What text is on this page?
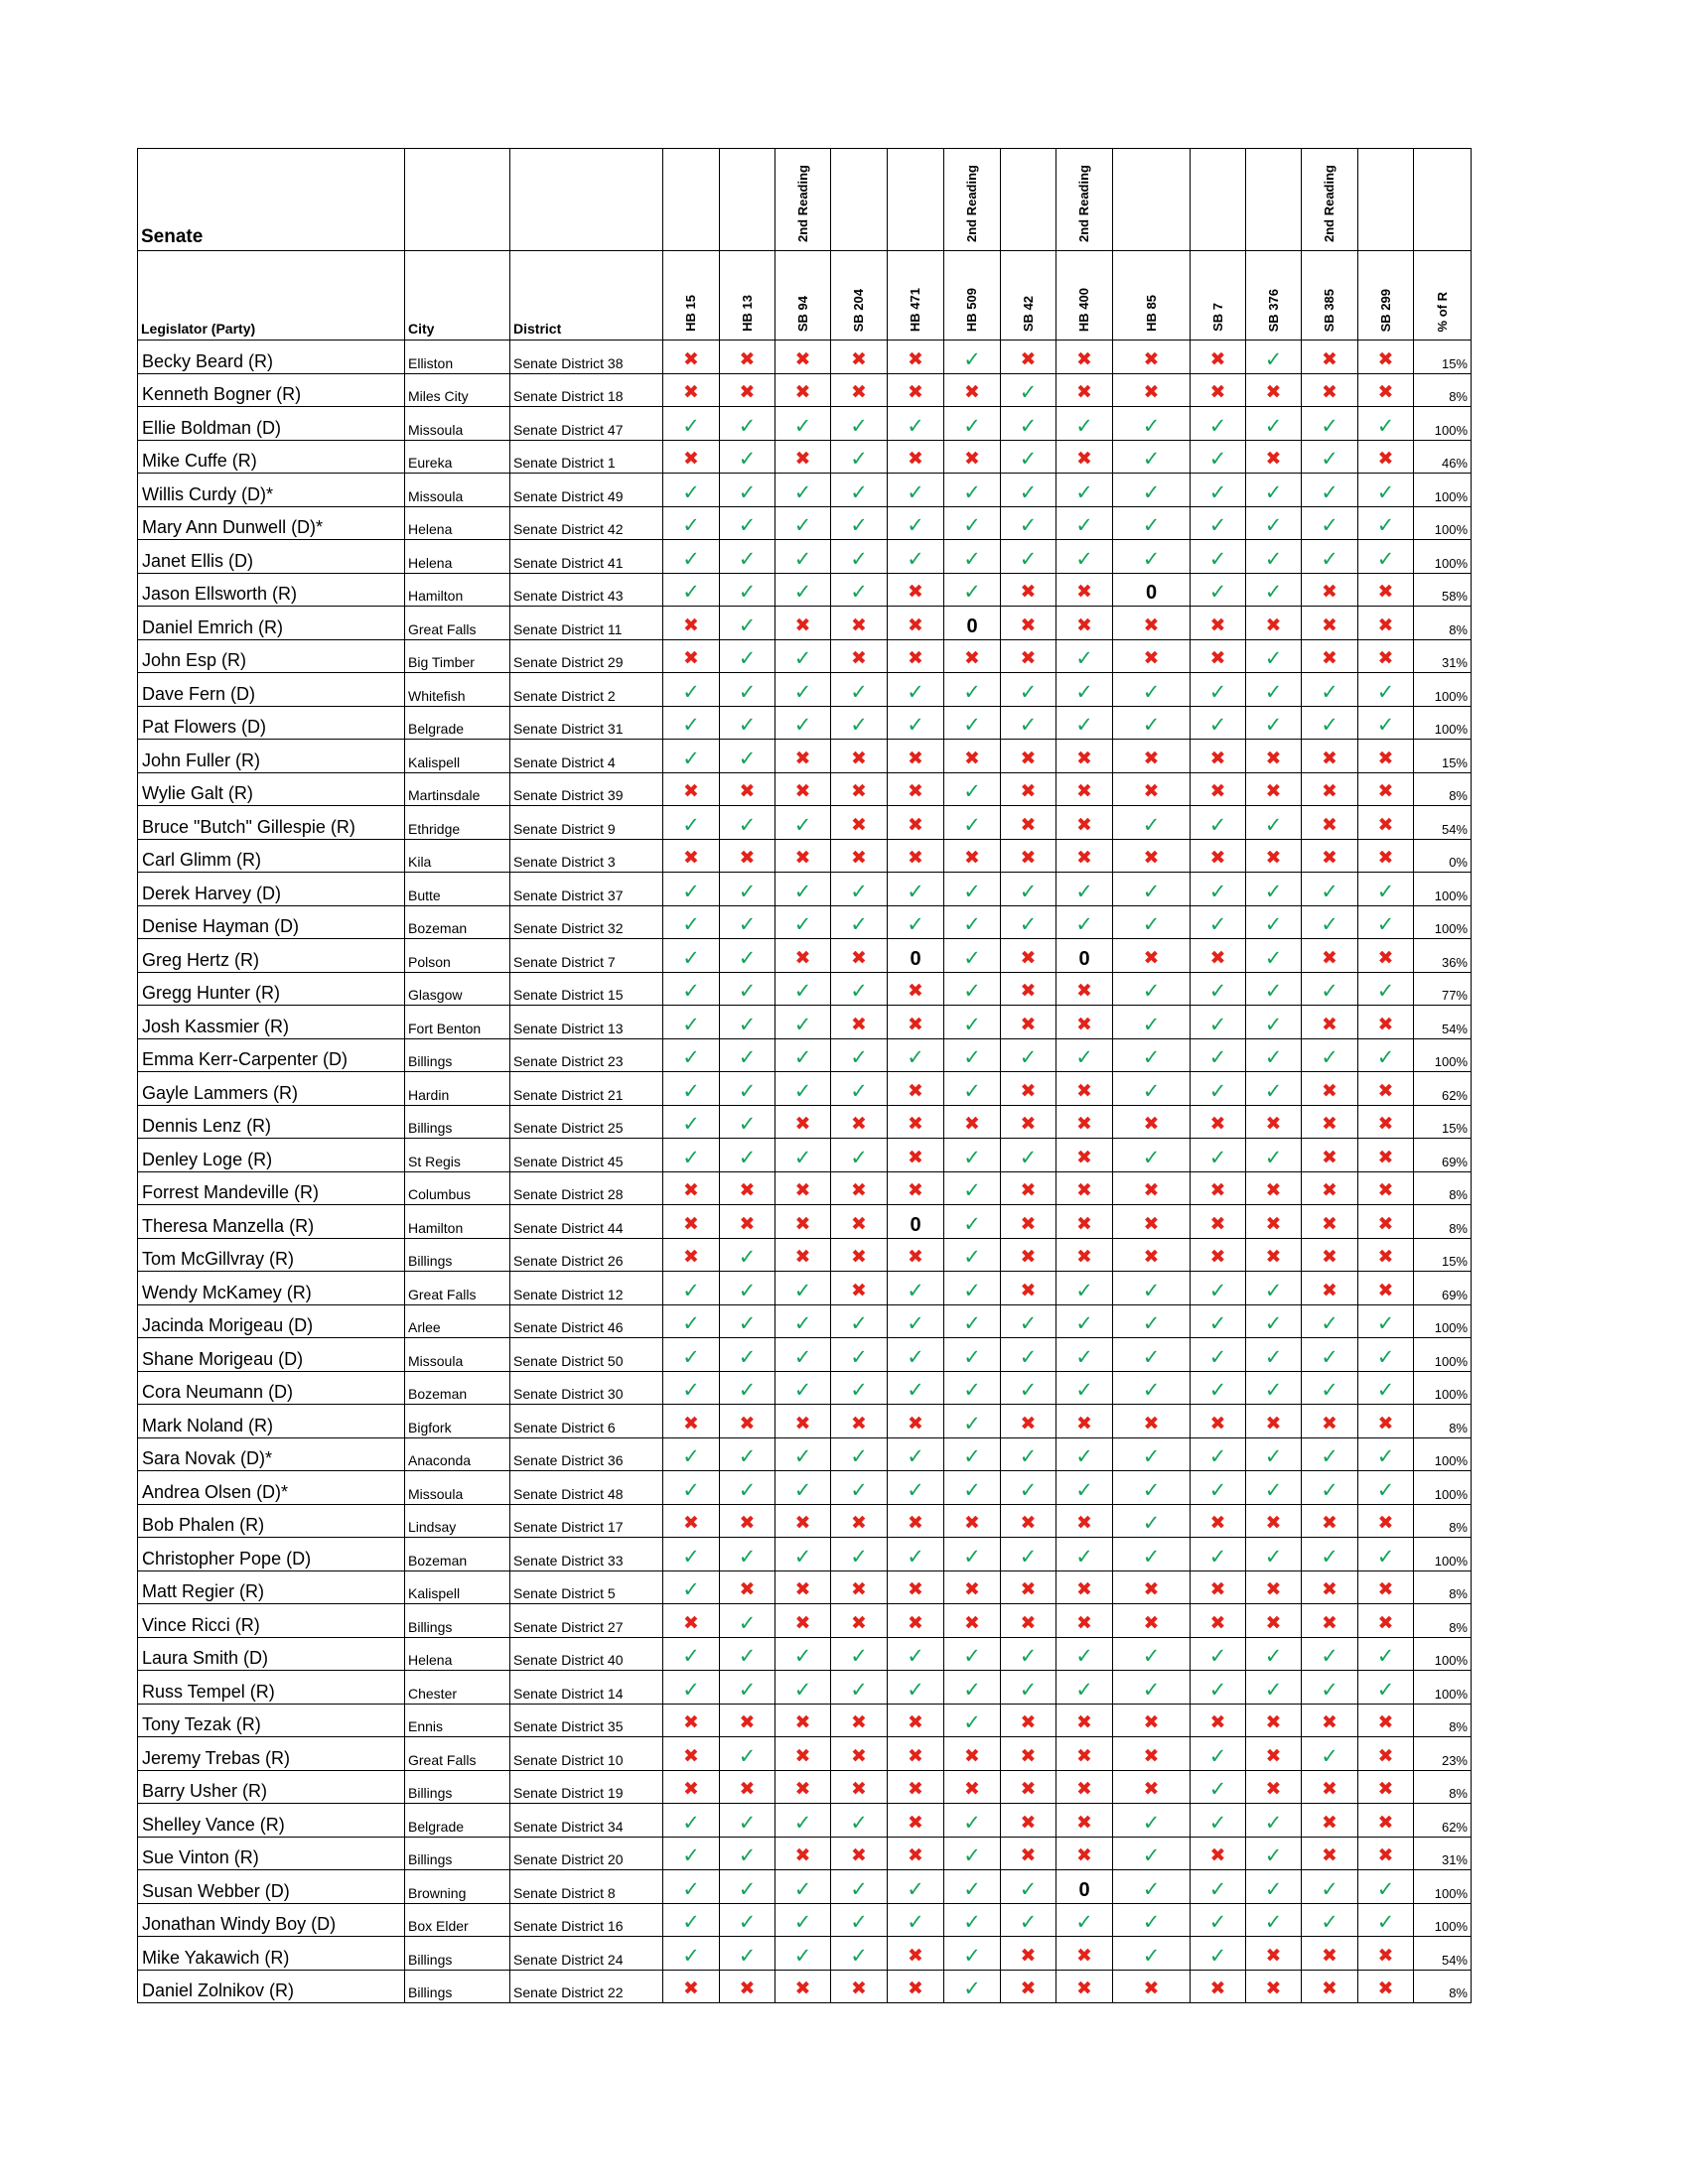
Senate					2nd Reading			2nd Reading		2nd Reading				2nd Reading		
Legislator (Party)	City	District	HB 15	HB 13	SB 94	SB 204	HB 471	HB 509	SB 42	HB 400	HB 85	SB 7	SB 376	SB 385	SB 299	% of R
Becky Beard (R)	Elliston	Senate District 38	✖	✖	✖	✖	✖	✓	✖	✖	✖	✖	✓	✖	✖	15%
Kenneth Bogner (R)	Miles City	Senate District 18	✖	✖	✖	✖	✖	✖	✓	✖	✖	✖	✖	✖	✖	8%
Ellie Boldman (D)	Missoula	Senate District 47	✓	✓	✓	✓	✓	✓	✓	✓	✓	✓	✓	✓	✓	100%
Mike Cuffe (R)	Eureka	Senate District 1	✖	✓	✖	✓	✖	✖	✓	✖	✓	✓	✖	✓	✖	46%
Willis Curdy (D)*	Missoula	Senate District 49	✓	✓	✓	✓	✓	✓	✓	✓	✓	✓	✓	✓	✓	100%
Mary Ann Dunwell (D)*	Helena	Senate District 42	✓	✓	✓	✓	✓	✓	✓	✓	✓	✓	✓	✓	✓	100%
Janet Ellis (D)	Helena	Senate District 41	✓	✓	✓	✓	✓	✓	✓	✓	✓	✓	✓	✓	✓	100%
Jason Ellsworth (R)	Hamilton	Senate District 43	✓	✓	✓	✓	✖	✓	✖	✖	0	✓	✓	✖	✖	58%
Daniel Emrich (R)	Great Falls	Senate District 11	✖	✓	✖	✖	✖	0	✖	✖	✖	✖	✖	✖	✖	8%
John Esp (R)	Big Timber	Senate District 29	✖	✓	✓	✖	✖	✖	✖	✓	✖	✖	✓	✖	✖	31%
Dave Fern (D)	Whitefish	Senate District 2	✓	✓	✓	✓	✓	✓	✓	✓	✓	✓	✓	✓	✓	100%
Pat Flowers (D)	Belgrade	Senate District 31	✓	✓	✓	✓	✓	✓	✓	✓	✓	✓	✓	✓	✓	100%
John Fuller (R)	Kalispell	Senate District 4	✓	✓	✖	✖	✖	✖	✖	✖	✖	✖	✖	✖	✖	15%
Wylie Galt (R)	Martinsdale	Senate District 39	✖	✖	✖	✖	✖	✓	✖	✖	✖	✖	✖	✖	✖	8%
Bruce "Butch" Gillespie (R)	Ethridge	Senate District 9	✓	✓	✓	✖	✖	✓	✖	✖	✓	✓	✓	✖	✖	54%
Carl Glimm (R)	Kila	Senate District 3	✖	✖	✖	✖	✖	✖	✖	✖	✖	✖	✖	✖	✖	0%
Derek Harvey (D)	Butte	Senate District 37	✓	✓	✓	✓	✓	✓	✓	✓	✓	✓	✓	✓	✓	100%
Denise Hayman (D)	Bozeman	Senate District 32	✓	✓	✓	✓	✓	✓	✓	✓	✓	✓	✓	✓	✓	100%
Greg Hertz (R)	Polson	Senate District 7	✓	✓	✖	✖	0	✓	✖	0	✖	✖	✓	✖	✖	36%
Gregg Hunter (R)	Glasgow	Senate District 15	✓	✓	✓	✓	✖	✓	✖	✖	✓	✓	✓	✓	✓	77%
Josh Kassmier (R)	Fort Benton	Senate District 13	✓	✓	✓	✖	✖	✓	✖	✖	✓	✓	✓	✖	✖	54%
Emma Kerr-Carpenter (D)	Billings	Senate District 23	✓	✓	✓	✓	✓	✓	✓	✓	✓	✓	✓	✓	✓	100%
Gayle Lammers (R)	Hardin	Senate District 21	✓	✓	✓	✓	✖	✓	✖	✖	✓	✓	✓	✖	✖	62%
Dennis Lenz (R)	Billings	Senate District 25	✓	✓	✖	✖	✖	✖	✖	✖	✖	✖	✖	✖	✖	15%
Denley Loge (R)	St Regis	Senate District 45	✓	✓	✓	✓	✖	✓	✓	✖	✓	✓	✓	✖	✖	69%
Forrest Mandeville (R)	Columbus	Senate District 28	✖	✖	✖	✖	✖	✓	✖	✖	✖	✖	✖	✖	✖	8%
Theresa Manzella (R)	Hamilton	Senate District 44	✖	✖	✖	✖	0	✓	✖	✖	✖	✖	✖	✖	✖	8%
Tom McGillvray (R)	Billings	Senate District 26	✖	✓	✖	✖	✖	✓	✖	✖	✖	✖	✖	✖	✖	15%
Wendy McKamey (R)	Great Falls	Senate District 12	✓	✓	✓	✖	✓	✓	✖	✓	✓	✓	✓	✖	✖	69%
Jacinda Morigeau (D)	Arlee	Senate District 46	✓	✓	✓	✓	✓	✓	✓	✓	✓	✓	✓	✓	✓	100%
Shane Morigeau (D)	Missoula	Senate District 50	✓	✓	✓	✓	✓	✓	✓	✓	✓	✓	✓	✓	✓	100%
Cora Neumann (D)	Bozeman	Senate District 30	✓	✓	✓	✓	✓	✓	✓	✓	✓	✓	✓	✓	✓	100%
Mark Noland (R)	Bigfork	Senate District 6	✖	✖	✖	✖	✖	✓	✖	✖	✖	✖	✖	✖	✖	8%
Sara Novak (D)*	Anaconda	Senate District 36	✓	✓	✓	✓	✓	✓	✓	✓	✓	✓	✓	✓	✓	100%
Andrea Olsen (D)*	Missoula	Senate District 48	✓	✓	✓	✓	✓	✓	✓	✓	✓	✓	✓	✓	✓	100%
Bob Phalen (R)	Lindsay	Senate District 17	✖	✖	✖	✖	✖	✖	✖	✖	✓	✖	✖	✖	✖	8%
Christopher Pope (D)	Bozeman	Senate District 33	✓	✓	✓	✓	✓	✓	✓	✓	✓	✓	✓	✓	✓	100%
Matt Regier (R)	Kalispell	Senate District 5	✓	✖	✖	✖	✖	✖	✖	✖	✖	✖	✖	✖	✖	8%
Vince Ricci (R)	Billings	Senate District 27	✖	✓	✖	✖	✖	✖	✖	✖	✖	✖	✖	✖	✖	8%
Laura Smith (D)	Helena	Senate District 40	✓	✓	✓	✓	✓	✓	✓	✓	✓	✓	✓	✓	✓	100%
Russ Tempel (R)	Chester	Senate District 14	✓	✓	✓	✓	✓	✓	✓	✓	✓	✓	✓	✓	✓	100%
Tony Tezak (R)	Ennis	Senate District 35	✖	✖	✖	✖	✖	✓	✖	✖	✖	✖	✖	✖	✖	8%
Jeremy Trebas (R)	Great Falls	Senate District 10	✖	✓	✖	✖	✖	✖	✖	✖	✖	✓	✖	✓	✖	23%
Barry Usher (R)	Billings	Senate District 19	✖	✖	✖	✖	✖	✖	✖	✖	✖	✓	✖	✖	✖	8%
Shelley Vance (R)	Belgrade	Senate District 34	✓	✓	✓	✓	✖	✓	✖	✖	✓	✓	✓	✖	✖	62%
Sue Vinton (R)	Billings	Senate District 20	✓	✓	✖	✖	✖	✓	✖	✖	✓	✖	✓	✖	✖	31%
Susan Webber (D)	Browning	Senate District 8	✓	✓	✓	✓	✓	✓	✓	0	✓	✓	✓	✓	✓	100%
Jonathan Windy Boy (D)	Box Elder	Senate District 16	✓	✓	✓	✓	✓	✓	✓	✓	✓	✓	✓	✓	✓	100%
Mike Yakawich (R)	Billings	Senate District 24	✓	✓	✓	✓	✖	✓	✖	✖	✓	✓	✖	✖	✖	54%
Daniel Zolnikov (R)	Billings	Senate District 22	✖	✖	✖	✖	✖	✓	✖	✖	✖	✖	✖	✖	✖	8%
